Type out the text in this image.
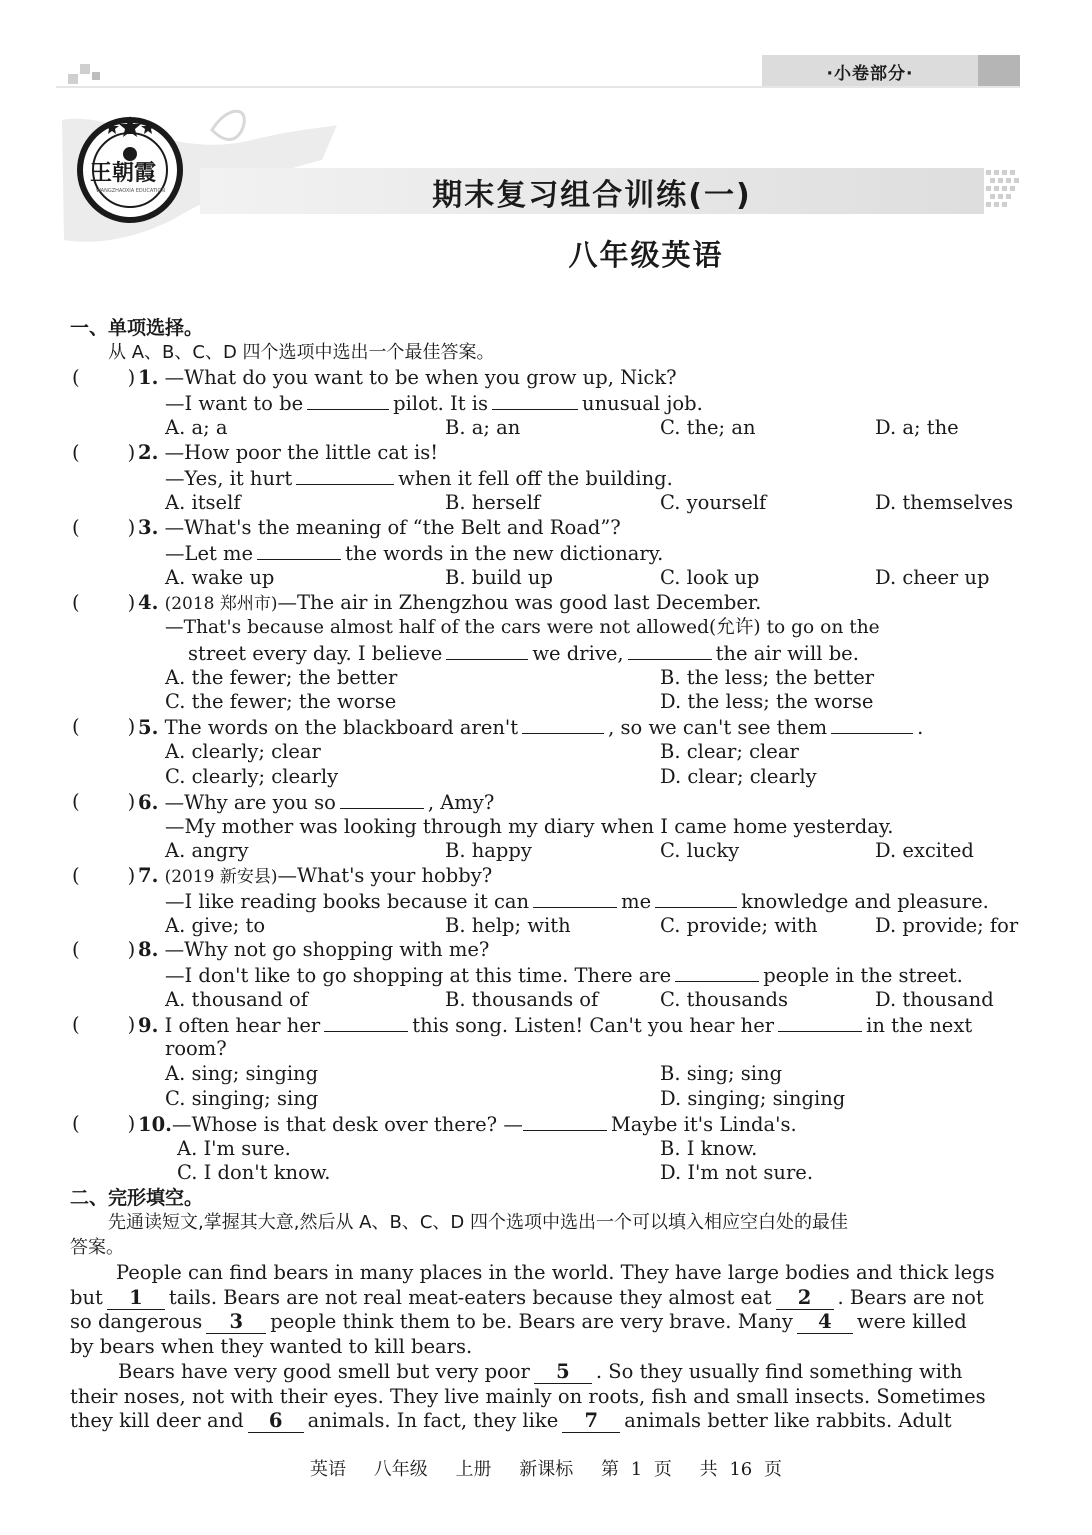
·小卷部分·
王朝霞
WANGZHAOXIA EDUCATION	期末复习组合训练(一)
八年级英语
一、单项选择。
从 A、B、C、D 四个选项中选出一个最佳答案。
( ) 1. —What do you want to be when you grow up, Nick?
—I want to be	pilot. It is	unusual job.
A. a; a	B. a; an	C. the; an	D. a; the
( ) 2. —How poor the little cat is!
—Yes, it hurt	when it fell off the building.
A. itself	B. herself	C. yourself	D. themselves
( ) 3. —What's the meaning of “the Belt and Road”?
—Let me	the words in the new dictionary.
A. wake up	B. build up	C. look up	D. cheer up
( ) 4. (2018 郑州市)—The air in Zhengzhou was good last December.
—That's because almost half of the cars were not allowed(允许) to go on the
street every day. I believe	we drive,	the air will be.
A. the fewer; the better	B. the less; the better
C. the fewer; the worse	D. the less; the worse
( ) 5. The words on the blackboard aren't	, so we can't see them	.
A. clearly; clear	B. clear; clear
C. clearly; clearly	D. clear; clearly
( ) 6. —Why are you so	, Amy?
—My mother was looking through my diary when I came home yesterday.
A. angry	B. happy	C. lucky	D. excited
( ) 7. (2019 新安县)—What's your hobby?
—I like reading books because it can	me	knowledge and pleasure.
A. give; to	B. help; with	C. provide; with	D. provide; for
( ) 8. —Why not go shopping with me?
—I don't like to go shopping at this time. There are	people in the street.
A. thousand of	B. thousands of	C. thousands	D. thousand
( ) 9. I often hear her	this song. Listen! Can't you hear her	in the next
room?
A. sing; singing	B. sing; sing
C. singing; sing	D. singing; singing
( ) 10.—Whose is that desk over there? —	Maybe it's Linda's.
A. I'm sure.	B. I know.
C. I don't know.	D. I'm not sure.
二、完形填空。
先通读短文,掌握其大意,然后从 A、B、C、D 四个选项中选出一个可以填入相应空白处的最佳
答案。
People can find bears in many places in the world. They have large bodies and thick legs
but 1 tails. Bears are not real meat-eaters because they almost eat 2 . Bears are not
so dangerous 3 people think them to be. Bears are very brave. Many 4 were killed
by bears when they wanted to kill bears.
Bears have very good smell but very poor 5 . So they usually find something with
their noses, not with their eyes. They live mainly on roots, fish and small insects. Sometimes
they kill deer and 6 animals. In fact, they like 7 animals better like rabbits. Adult
英语 八年级 上册 新课标 第 1 页 共 16 页
